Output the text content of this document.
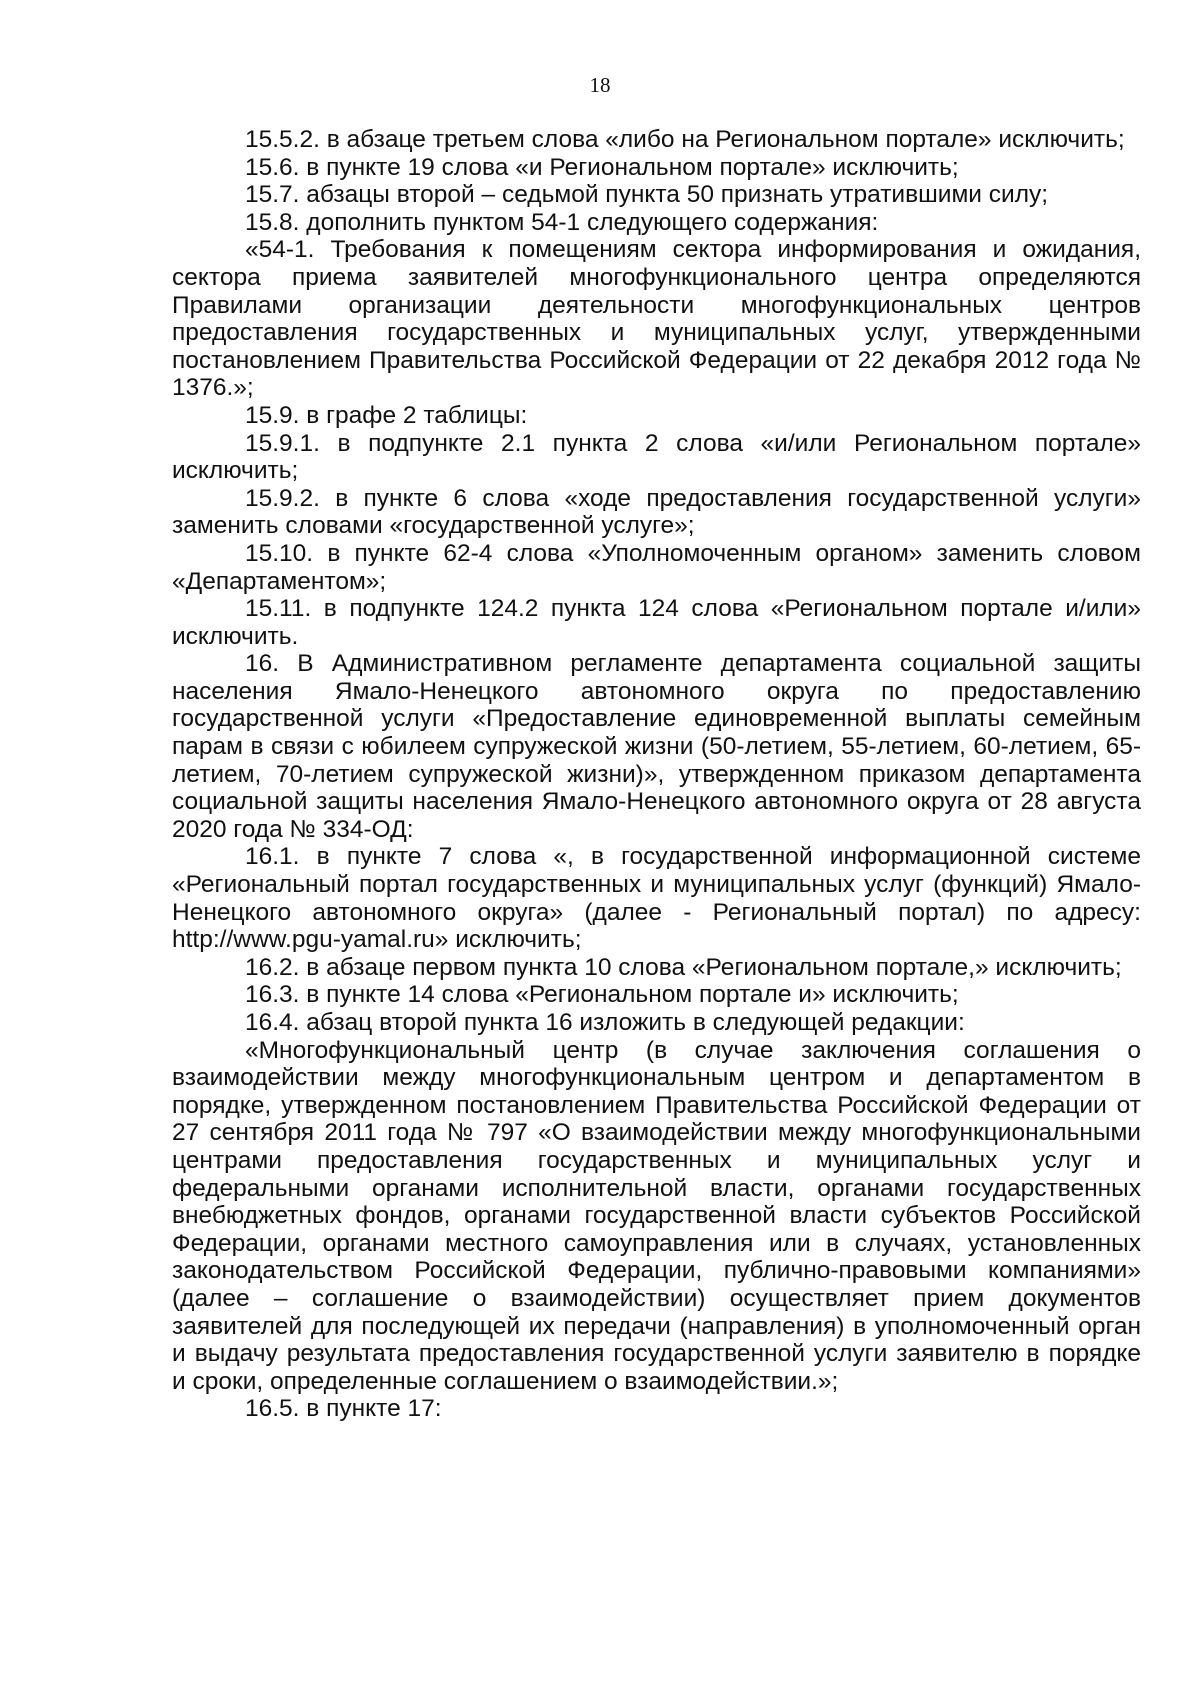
18

15.5.2. в абзаце третьем слова «либо на Региональном портале» исключить;

15.6. в пункте 19 слова «и Региональном портале» исключить;

15.7. абзацы второй – седьмой пункта 50 признать утратившими силу;

15.8. дополнить пунктом 54-1 следующего содержания:

«54-1. Требования к помещениям сектора информирования и ожидания, сектора приема заявителей многофункционального центра определяются Правилами организации деятельности многофункциональных центров предоставления государственных и муниципальных услуг, утвержденными постановлением Правительства Российской Федерации от 22 декабря 2012 года № 1376.»;

15.9. в графе 2 таблицы:

15.9.1. в подпункте 2.1 пункта 2 слова «и/или Региональном портале» исключить;

15.9.2. в пункте 6 слова «ходе предоставления государственной услуги» заменить словами «государственной услуге»;

15.10. в пункте 62-4 слова «Уполномоченным органом» заменить словом «Департаментом»;

15.11. в подпункте 124.2 пункта 124 слова «Региональном портале и/или» исключить.

16. В Административном регламенте департамента социальной защиты населения Ямало-Ненецкого автономного округа по предоставлению государственной услуги «Предоставление единовременной выплаты семейным парам в связи с юбилеем супружеской жизни (50-летием, 55-летием, 60-летием, 65-летием, 70-летием супружеской жизни)», утвержденном приказом департамента социальной защиты населения Ямало-Ненецкого автономного округа от 28 августа 2020 года № 334-ОД:

16.1. в пункте 7 слова «, в государственной информационной системе «Региональный портал государственных и муниципальных услуг (функций) Ямало-Ненецкого автономного округа» (далее - Региональный портал) по адресу: http://www.pgu-yamal.ru» исключить;

16.2. в абзаце первом пункта 10 слова «Региональном портале,» исключить;

16.3. в пункте 14 слова «Региональном портале и» исключить;

16.4. абзац второй пункта 16 изложить в следующей редакции:

«Многофункциональный центр (в случае заключения соглашения о взаимодействии между многофункциональным центром и департаментом в порядке, утвержденном постановлением Правительства Российской Федерации от 27 сентября 2011 года № 797 «О взаимодействии между многофункциональными центрами предоставления государственных и муниципальных услуг и федеральными органами исполнительной власти, органами государственных внебюджетных фондов, органами государственной власти субъектов Российской Федерации, органами местного самоуправления или в случаях, установленных законодательством Российской Федерации, публично-правовыми компаниями» (далее – соглашение о взаимодействии) осуществляет прием документов заявителей для последующей их передачи (направления) в уполномоченный орган и выдачу результата предоставления государственной услуги заявителю в порядке и сроки, определенные соглашением о взаимодействии.»;

16.5. в пункте 17:
